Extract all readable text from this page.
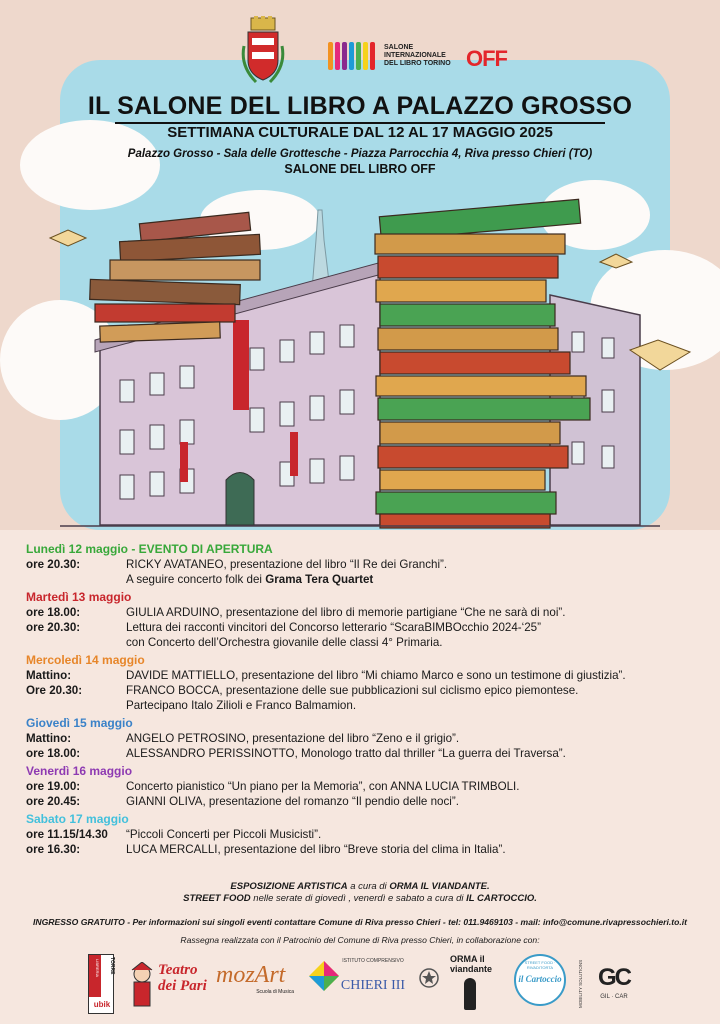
SALONE
INTERNAZIONALE
DEL LIBRO TORINO OFF
IL SALONE DEL LIBRO A PALAZZO GROSSO
SETTIMANA CULTURALE DAL 12 AL 17 MAGGIO 2025
Palazzo Grosso - Sala delle Grottesche - Piazza Parrocchia 4, Riva presso Chieri (TO)
SALONE DEL LIBRO OFF
Lunedì 12 maggio - EVENTO DI APERTURA
ore 20.30:	RICKY AVATANEO, presentazione del libro “Il Re dei Granchi”.
A seguire concerto folk dei Grama Tera Quartet
Martedì 13 maggio
ore 18.00:	GIULIA ARDUINO, presentazione del libro di memorie partigiane “Che ne sarà di noi”.
ore 20.30:	Lettura dei racconti vincitori del Concorso letterario “ScaraBIMBOcchio 2024-‘25”
con Concerto dell’Orchestra giovanile delle classi 4° Primaria.
Mercoledì 14 maggio
Mattino:	DAVIDE MATTIELLO, presentazione del libro “Mi chiamo Marco e sono un testimone di giustizia”.
Ore 20.30:	FRANCO BOCCA, presentazione delle sue pubblicazioni sul ciclismo epico piemontese.
Partecipano Italo Zilioli e Franco Balmamion.
Giovedì 15 maggio
Mattino:	ANGELO PETROSINO, presentazione del libro “Zeno e il grigio”.
ore 18.00:	ALESSANDRO PERISSINOTTO, Monologo tratto dal thriller “La guerra dei Traversa”.
Venerdì 16 maggio
ore 19.00:	Concerto pianistico “Un piano per la Memoria”, con ANNA LUCIA TRIMBOLI.
ore 20.45:	GIANNI OLIVA, presentazione del romanzo “Il pendio delle noci”.
Sabato 17 maggio
ore 11.15/14.30	“Piccoli Concerti per Piccoli Musicisti”.
ore 16.30:	LUCA MERCALLI, presentazione del libro “Breve storia del clima in Italia”.
ESPOSIZIONE ARTISTICA a cura di ORMA IL VIANDANTE.
STREET FOOD nelle serate di giovedì , venerdì e sabato a cura di IL CARTOCCIO.
INGRESSO GRATUITO - Per informazioni sui singoli eventi contattare Comune di Riva presso Chieri - tel: 011.9469103 - mail: info@comune.rivapressochieri.to.it
Rassegna realizzata con il Patrocinio del Comune di Riva presso Chieri, in collaborazione con:
TORRE
LIBRERIA
ubik
Teatro dei Pari mozArt
Scuola di Musica
ISTITUTO COMPRENSIVO
CHIERI III
ORMA il viandante
STREET FOOD · RIVADITORTA
il Cartoccio	MOBILITY SOLUTIONS GC
GIL · CAR
